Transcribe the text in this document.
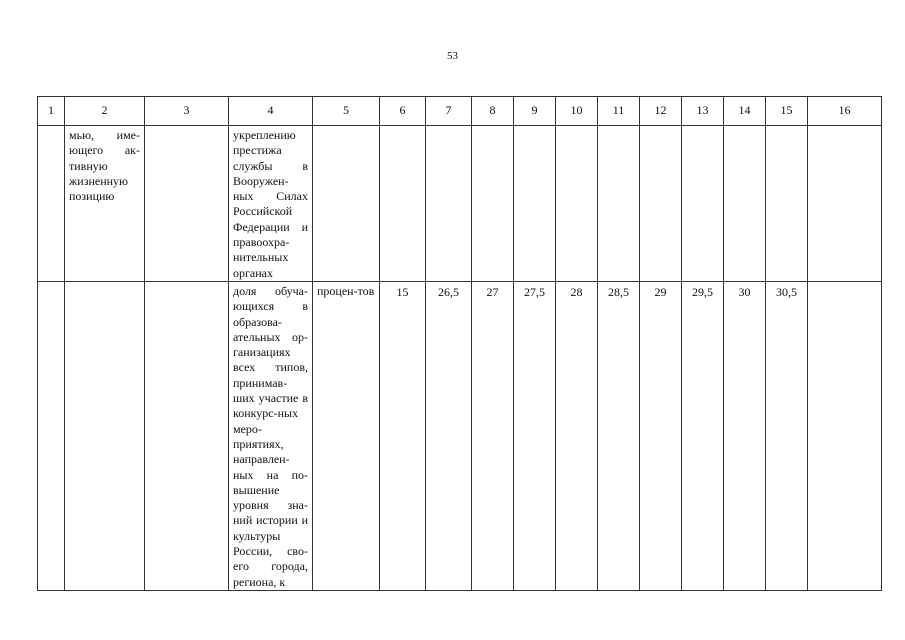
53
1	2	3	4	5	6	7	8	9	10	11	12	13	14	15	16

	мью, име-ющего ак-тивную жизненную позицию		укреплению престижа службы в Вооружен-ных Силах Российской Федерации и правоохра-нительных органах												

			доля обуча-ющихся в образова-ательных ор-ганизациях всех типов, принимав-ших участие в конкурс-ных меро-приятиях, направлен-ных на по-вышение уровня зна-ний истории и культуры России, сво-его города, региона, к	процен-тов	15	26,5	27	27,5	28	28,5	29	29,5	30	30,5	
